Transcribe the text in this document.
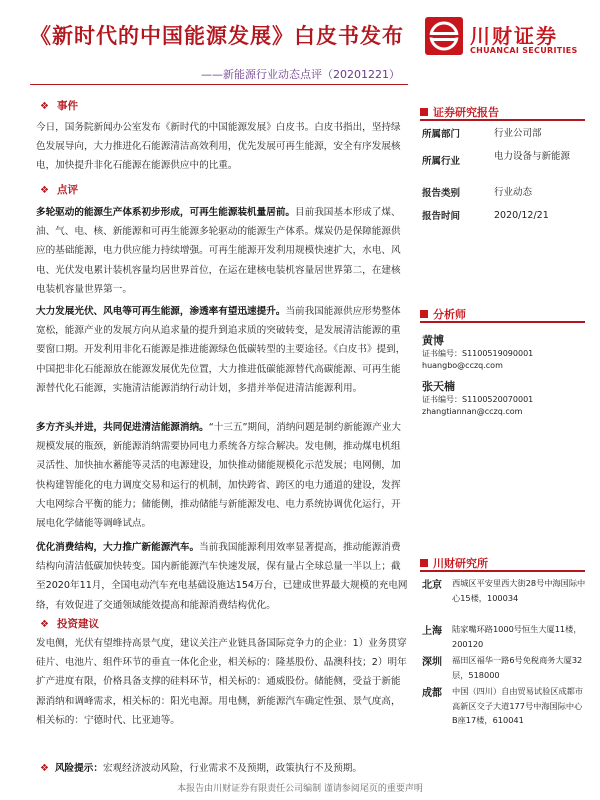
《新时代的中国能源发展》白皮书发布	川财证券
CHUANCAI SECURITIES
——新能源行业动态点评（20201221）
❖ 事件
今日，国务院新闻办公室发布《新时代的中国能源发展》白皮书。白皮书指出，坚持绿色发展导向，大力推进化石能源清洁高效利用，优先发展可再生能源，安全有序发展核电，加快提升非化石能源在能源供应中的比重。
❖ 点评
多轮驱动的能源生产体系初步形成，可再生能源装机量居前。目前我国基本形成了煤、油、气、电、核、新能源和可再生能源多轮驱动的能源生产体系。煤炭仍是保障能源供应的基础能源，电力供应能力持续增强。可再生能源开发利用规模快速扩大，水电、风电、光伏发电累计装机容量均居世界首位，在运在建核电装机容量居世界第二，在建核电装机容量世界第一。
大力发展光伏、风电等可再生能源，渗透率有望迅速提升。当前我国能源供应形势整体宽松，能源产业的发展方向从追求量的提升到追求质的突破转变，是发展清洁能源的重要窗口期。开发利用非化石能源是推进能源绿色低碳转型的主要途径。《白皮书》提到，中国把非化石能源放在能源发展优先位置，大力推进低碳能源替代高碳能源、可再生能源替代化石能源，实施清洁能源消纳行动计划，多措并举促进清洁能源利用。
多方齐头并进，共同促进清洁能源消纳。“十三五”期间，消纳问题是制约新能源产业大规模发展的瓶颈，新能源消纳需要协同电力系统各方综合解决。发电侧，推动煤电机组灵活性、加快抽水蓄能等灵活的电源建设，加快推动储能规模化示范发展；电网侧，加快构建智能化的电力调度交易和运行的机制，加快跨省、跨区的电力通道的建设，发挥大电网综合平衡的能力；储能侧，推动储能与新能源发电、电力系统协调优化运行，开展电化学储能等调峰试点。
优化消费结构，大力推广新能源汽车。当前我国能源利用效率显著提高，推动能源消费结构向清洁低碳加快转变。国内新能源汽车快速发展，保有量占全球总量一半以上；截至2020年11月，全国电动汽车充电基础设施达154万台，已建成世界最大规模的充电网络，有效促进了交通领域能效提高和能源消费结构优化。
❖ 投资建议
发电侧，光伏有望维持高景气度，建议关注产业链具备国际竞争力的企业：1）业务贯穿硅片、电池片、组件环节的垂直一体化企业，相关标的：隆基股份、晶澳科技；2）明年扩产进度有限，价格具备支撑的硅料环节，相关标的：通威股份。储能侧，受益于新能源消纳和调峰需求，相关标的：阳光电源。用电侧，新能源汽车确定性强、景气度高，相关标的：宁德时代、比亚迪等。
❖ 风险提示：宏观经济波动风险，行业需求不及预期，政策执行不及预期。
证券研究报告
所属部门	行业公司部
所属行业	电力设备与新能源
报告类别	行业动态
报告时间	2020/12/21
分析师
黄博
证书编号：S1100519090001
huangbo@cczq.com
张天楠
证书编号：S1100520070001
zhangtiannan@cczq.com
川财研究所
北京 西城区平安里西大街28号中海国际中心15楼，100034
上海 陆家嘴环路1000号恒生大厦11楼，200120
深圳 福田区福华一路6号免税商务大厦32层，518000
成都 中国（四川）自由贸易试验区成都市高新区交子大道177号中海国际中心B座17楼，610041
本报告由川财证券有限责任公司编制 谨请参阅尾页的重要声明
